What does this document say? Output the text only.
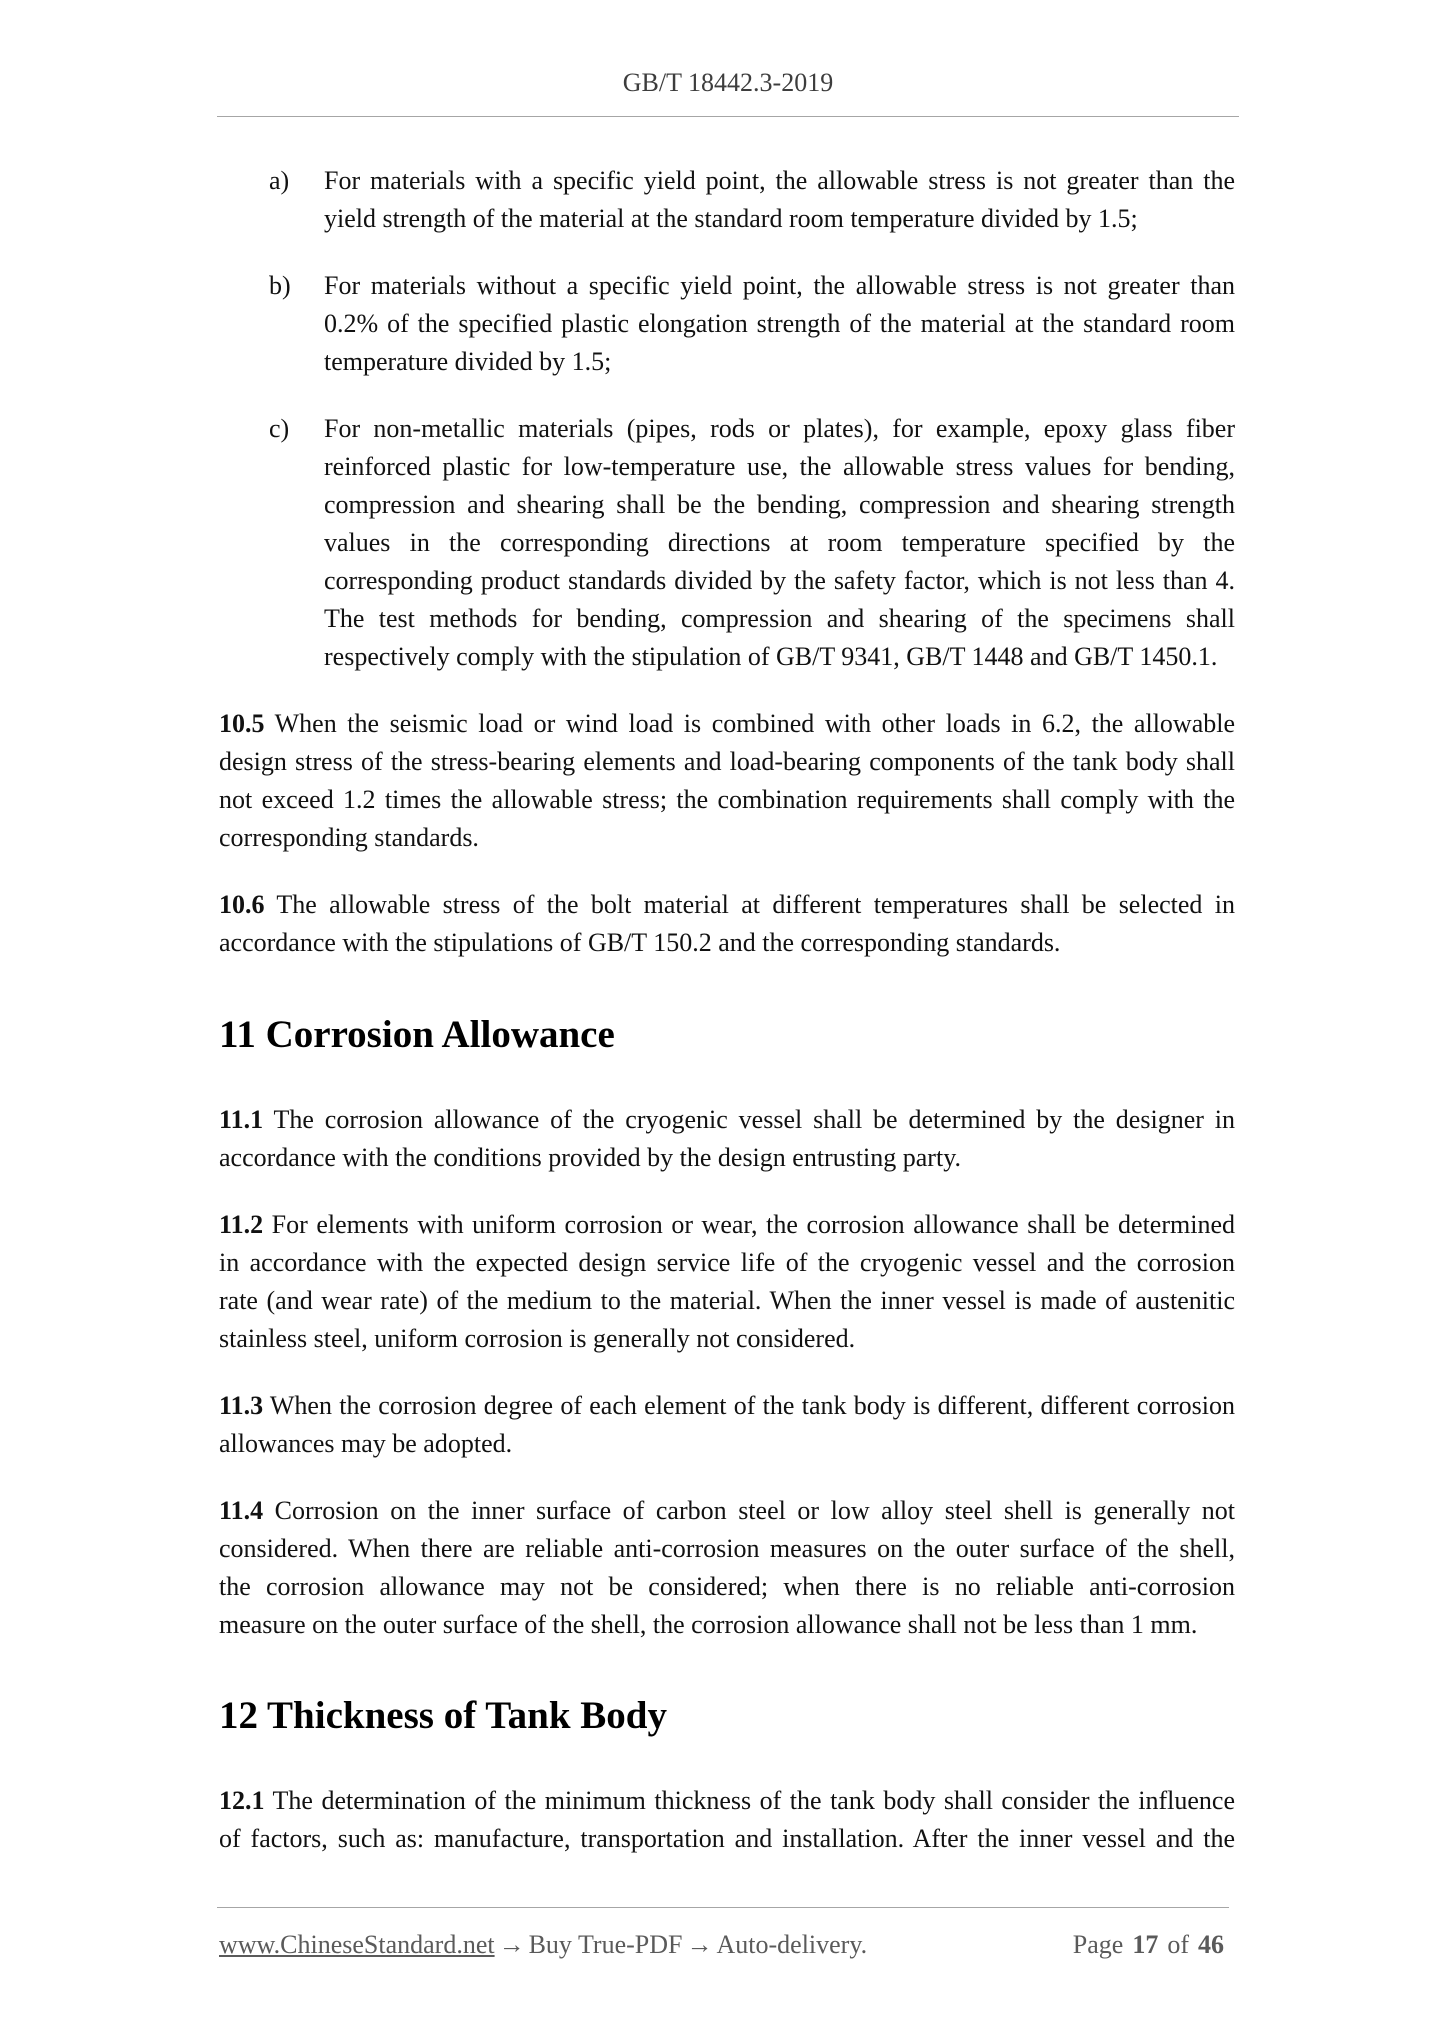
GB/T 18442.3-2019
a) For materials with a specific yield point, the allowable stress is not greater than the
yield strength of the material at the standard room temperature divided by 1.5;
b) For materials without a specific yield point, the allowable stress is not greater than
0.2% of the specified plastic elongation strength of the material at the standard room
temperature divided by 1.5;
c) For non-metallic materials (pipes, rods or plates), for example, epoxy glass fiber
reinforced plastic for low-temperature use, the allowable stress values for bending,
compression and shearing shall be the bending, compression and shearing strength
values in the corresponding directions at room temperature specified by the
corresponding product standards divided by the safety factor, which is not less than 4.
The test methods for bending, compression and shearing of the specimens shall
respectively comply with the stipulation of GB/T 9341, GB/T 1448 and GB/T 1450.1.
10.5 When the seismic load or wind load is combined with other loads in 6.2, the allowable
design stress of the stress-bearing elements and load-bearing components of the tank body shall
not exceed 1.2 times the allowable stress; the combination requirements shall comply with the
corresponding standards.
10.6 The allowable stress of the bolt material at different temperatures shall be selected in
accordance with the stipulations of GB/T 150.2 and the corresponding standards.
11 Corrosion Allowance
11.1 The corrosion allowance of the cryogenic vessel shall be determined by the designer in
accordance with the conditions provided by the design entrusting party.
11.2 For elements with uniform corrosion or wear, the corrosion allowance shall be determined
in accordance with the expected design service life of the cryogenic vessel and the corrosion
rate (and wear rate) of the medium to the material. When the inner vessel is made of austenitic
stainless steel, uniform corrosion is generally not considered.
11.3 When the corrosion degree of each element of the tank body is different, different corrosion
allowances may be adopted.
11.4 Corrosion on the inner surface of carbon steel or low alloy steel shell is generally not
considered. When there are reliable anti-corrosion measures on the outer surface of the shell,
the corrosion allowance may not be considered; when there is no reliable anti-corrosion
measure on the outer surface of the shell, the corrosion allowance shall not be less than 1 mm.
12 Thickness of Tank Body
12.1 The determination of the minimum thickness of the tank body shall consider the influence
of factors, such as: manufacture, transportation and installation. After the inner vessel and the
www.ChineseStandard.net → Buy True-PDF → Auto-delivery.	Page 17 of 46
